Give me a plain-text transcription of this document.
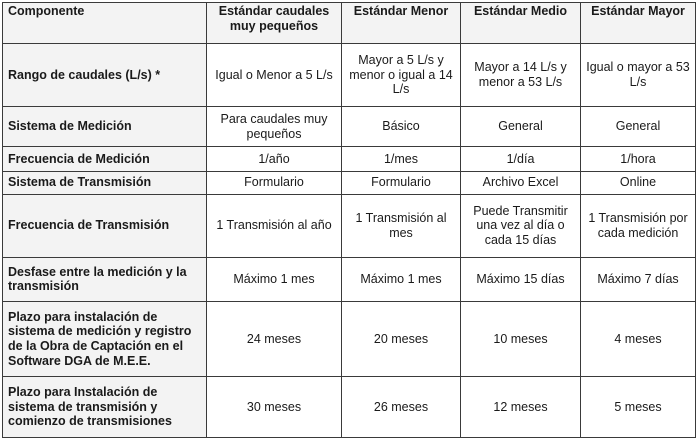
Componente	Estándar caudales muy pequeños	Estándar Menor	Estándar Medio	Estándar Mayor
Rango de caudales (L/s) *	Igual o Menor a 5 L/s	Mayor a 5 L/s y menor o igual a 14 L/s	Mayor a 14 L/s y menor a 53 L/s	Igual o mayor a 53 L/s
Sistema de Medición	Para caudales muy pequeños	Básico	General	General
Frecuencia de Medición	1/año	1/mes	1/día	1/hora
Sistema de Transmisión	Formulario	Formulario	Archivo Excel	Online
Frecuencia de Transmisión	1 Transmisión al año	1 Transmisión al mes	Puede Transmitir una vez al día o cada 15 días	1 Transmisión por cada medición
Desfase entre la medición y la transmisión	Máximo 1 mes	Máximo 1 mes	Máximo 15 días	Máximo 7 días
Plazo para instalación de sistema de medición y registro de la Obra de Captación en el Software DGA de M.E.E.	24 meses	20 meses	10 meses	4 meses
Plazo para Instalación de sistema de transmisión y comienzo de transmisiones	30 meses	26 meses	12 meses	5 meses
